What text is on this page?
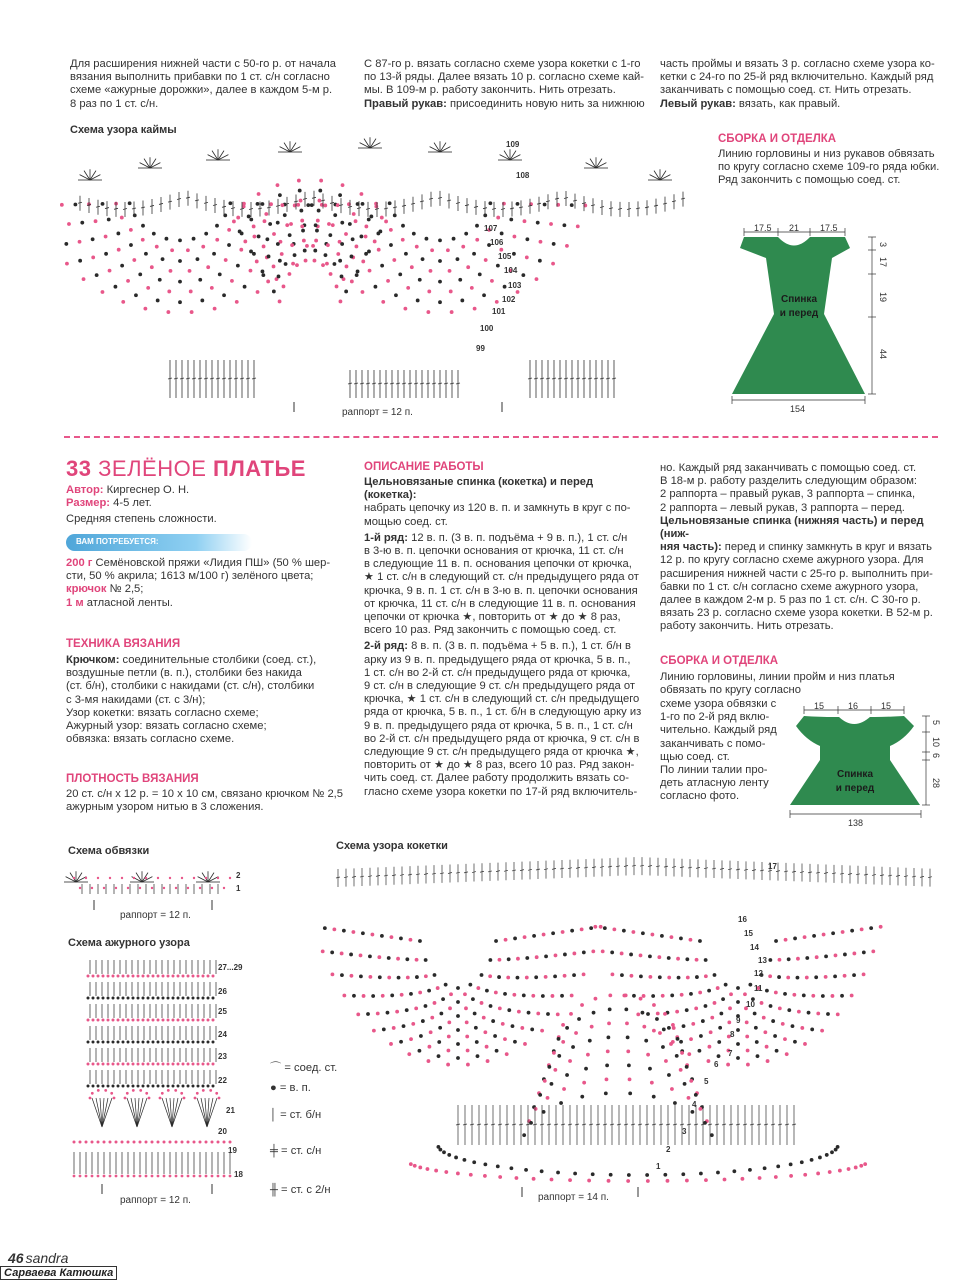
Для расширения нижней части с 50-го р. от начала

вязания выполнить прибавки по 1 ст. с/н согласно

схеме «ажурные дорожки», далее в каждом 5-м р.

8 раз по 1 ст. с/н.

С 87-го р. вязать согласно схеме узора кокетки с 1-го

по 13-й ряды. Далее вязать 10 р. согласно схеме кай-

мы. В 109-м р. работу закончить. Нить отрезать.

Правый рукав: присоединить новую нить за нижнюю

часть проймы и вязать 3 р. согласно схеме узора ко-

кетки с 24-го по 25-й ряд включительно. Каждый ряд

заканчивать с помощью соед. ст. Нить отрезать.

Левый рукав: вязать, как правый.

Схема узора каймы
109
108
107
106
105
104
103
102
101
100
99
раппорт = 12 п.
СБОРКА И ОТДЕЛКА

Линию горловины и низ рукавов обвязать

по кругу согласно схеме 109-го ряда юбки.

Ряд закончить с помощью соед. ст.

Спинка
и перед
17.5 21 17.5
154
3
17
19
44
33 ЗЕЛЁНОЕ ПЛАТЬЕ

Автор: Киргеснер О. Н.

Размер: 4-5 лет.

Средняя степень сложности.

ВАМ ПОТРЕБУЕТСЯ:

200 г Семёновской пряжи «Лидия ПШ» (50 % шер-

сти, 50 % акрила; 1613 м/100 г) зелёного цвета;

крючок № 2,5;

1 м атласной ленты.

ТЕХНИКА ВЯЗАНИЯ

Крючком: соединительные столбики (соед. ст.),

воздушные петли (в. п.), столбики без накида

(ст. б/н), столбики с накидами (ст. с/н), столбики

с 3-мя накидами (ст. с 3/н);

Узор кокетки: вязать согласно схеме;

Ажурный узор: вязать согласно схеме;

обвязка: вязать согласно схеме.

ПЛОТНОСТЬ ВЯЗАНИЯ

20 ст. с/н х 12 р. = 10 х 10 см, связано крючком № 2,5

ажурным узором нитью в 3 сложения.

ОПИСАНИЕ РАБОТЫ

Цельновязаные спинка (кокетка) и перед (кокетка):

набрать цепочку из 120 в. п. и замкнуть в круг с по-

мощью соед. ст.

1-й ряд: 12 в. п. (3 в. п. подъёма + 9 в. п.), 1 ст. с/н

в 3-ю в. п. цепочки основания от крючка, 11 ст. с/н

в следующие 11 в. п. основания цепочки от крючка,

★ 1 ст. с/н в следующий ст. с/н предыдущего ряда от

крючка, 9 в. п. 1 ст. с/н в 3-ю в. п. цепочки основания

от крючка, 11 ст. с/н в следующие 11 в. п. основания

цепочки от крючка ★, повторить от ★ до ★ 8 раз,

всего 10 раз. Ряд закончить с помощью соед. ст.

2-й ряд: 8 в. п. (3 в. п. подъёма + 5 в. п.), 1 ст. б/н в

арку из 9 в. п. предыдущего ряда от крючка, 5 в. п.,

1 ст. с/н во 2-й ст. с/н предыдущего ряда от крючка,

9 ст. с/н в следующие 9 ст. с/н предыдущего ряда от

крючка, ★ 1 ст. с/н в следующий ст. с/н предыдущего

ряда от крючка, 5 в. п., 1 ст. б/н в следующую арку из

9 в. п. предыдущего ряда от крючка, 5 в. п., 1 ст. с/н

во 2-й ст. с/н предыдущего ряда от крючка, 9 ст. с/н в

следующие 9 ст. с/н предыдущего ряда от крючка ★,

повторить от ★ до ★ 8 раз, всего 10 раз. Ряд закон-

чить соед. ст. Далее работу продолжить вязать со-

гласно схеме узора кокетки по 17-й ряд включитель-

но. Каждый ряд заканчивать с помощью соед. ст.

В 18-м р. работу разделить следующим образом:

2 раппорта – правый рукав, 3 раппорта – спинка,

2 раппорта – левый рукав, 3 раппорта – перед.

Цельновязаные спинка (нижняя часть) и перед (ниж-

няя часть): перед и спинку замкнуть в круг и вязать

12 р. по кругу согласно схеме ажурного узора. Для

расширения нижней части с 25-го р. выполнить при-

бавки по 1 ст. с/н согласно схеме ажурного узора,

далее в каждом 2-м р. 5 раз по 1 ст. с/н. С 30-го р.

вязать 23 р. согласно схеме узора кокетки. В 52-м р.

работу закончить. Нить отрезать.

СБОРКА И ОТДЕЛКА

Линию горловины, линии пройм и низ платья обвязать по кругу согласно

схеме узора обвязки с

1-го по 2-й ряд вклю-

чительно. Каждый ряд

заканчивать с помо-

щью соед. ст.

По линии талии про-

деть атласную ленту

согласно фото.

Спинка
и перед
15	16	15
138
5
10
6
28
Схема обвязки
2
1
раппорт = 12 п.
Схема ажурного узора
27...29
26
25
24
23
22
21
20
19
18
раппорт = 12 п.

⌒ = соед. ст.

● = в. п.

│ = ст. б/н

╪ = ст. с/н

╫ = ст. с 2/н

Схема узора кокетки
17
16
15
14
13
12
11
10
9
8
7
6
5
4
3
2
1
раппорт = 14 п.
46 sandra
Сарваева Катюшка
